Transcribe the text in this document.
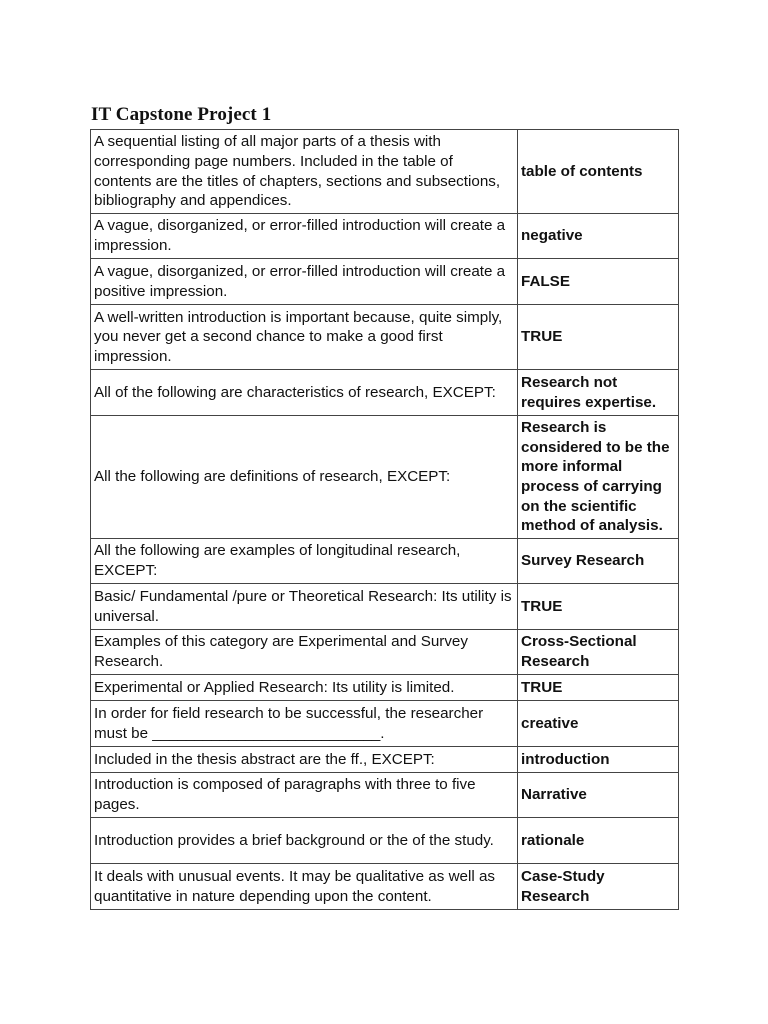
IT Capstone Project 1
A sequential listing of all major parts of a thesis with corresponding page numbers. Included in the table of contents are the titles of chapters, sections and subsections, bibliography and appendices.	table of contents
A vague, disorganized, or error-filled introduction will create a impression.	negative
A vague, disorganized, or error-filled introduction will create a positive impression.	FALSE
A well-written introduction is important because, quite simply, you never get a second chance to make a good first impression.	TRUE
All of the following are characteristics of research, EXCEPT:	Research not requires expertise.
All the following are definitions of research, EXCEPT:	Research is considered to be the more informal process of carrying on the scientific method of analysis.
All the following are examples of longitudinal research, EXCEPT:	Survey Research
Basic/ Fundamental /pure or Theoretical Research: Its utility is universal.	TRUE
Examples of this category are Experimental and Survey Research.	Cross-Sectional Research
Experimental or Applied Research: Its utility is limited.	TRUE
In order for field research to be successful, the researcher must be ___________________________.	creative
Included in the thesis abstract are the ff., EXCEPT:	introduction
Introduction is composed of paragraphs with three to five pages.	Narrative
Introduction provides a brief background or the of the study.	rationale
It deals with unusual events. It may be qualitative as well as quantitative in nature depending upon the content.	Case-Study Research
